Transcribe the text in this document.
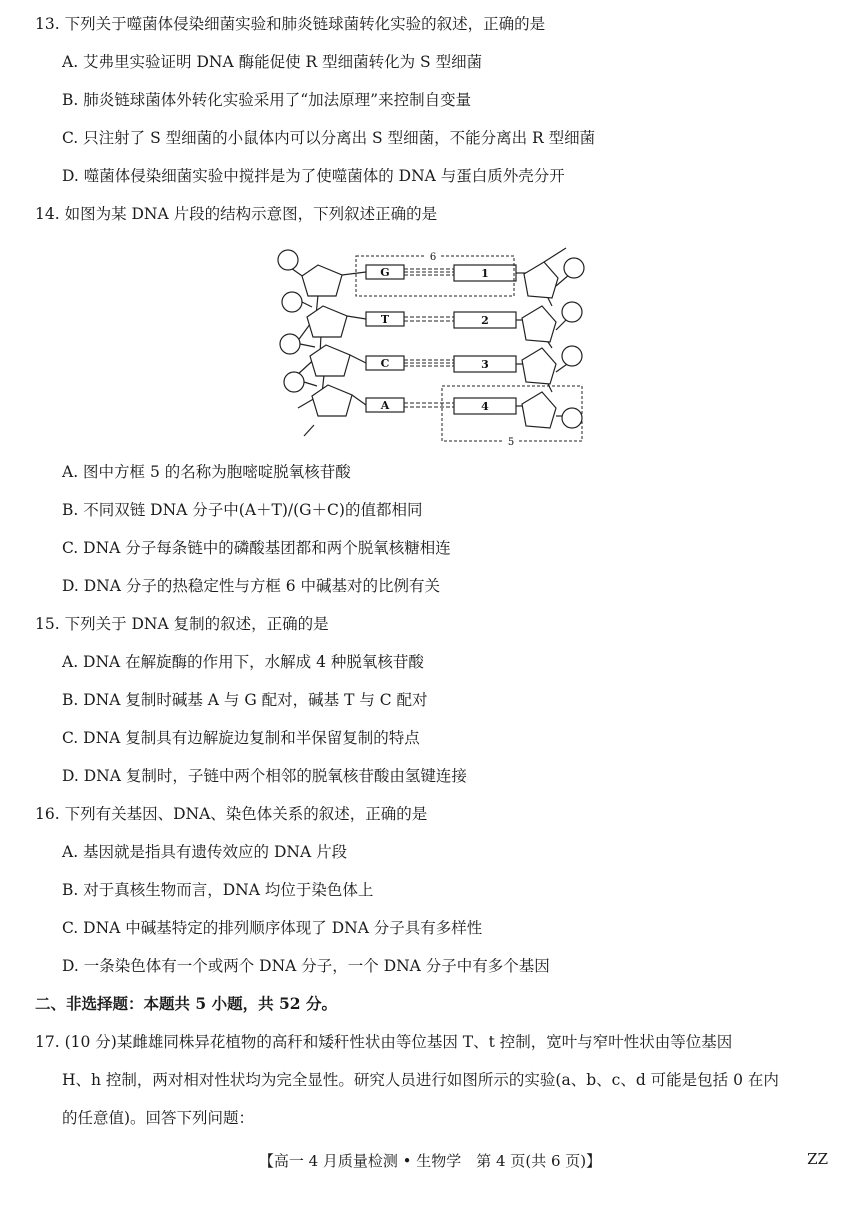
13. 下列关于噬菌体侵染细菌实验和肺炎链球菌转化实验的叙述，正确的是
A. 艾弗里实验证明 DNA 酶能促使 R 型细菌转化为 S 型细菌
B. 肺炎链球菌体外转化实验采用了“加法原理”来控制自变量
C. 只注射了 S 型细菌的小鼠体内可以分离出 S 型细菌，不能分离出 R 型细菌
D. 噬菌体侵染细菌实验中搅拌是为了使噬菌体的 DNA 与蛋白质外壳分开
14. 如图为某 DNA 片段的结构示意图，下列叙述正确的是
G
T
C
A
1
2
3
4
6
5
A. 图中方框 5 的名称为胞嘧啶脱氧核苷酸
B. 不同双链 DNA 分子中(A＋T)/(G＋C)的值都相同
C. DNA 分子每条链中的磷酸基团都和两个脱氧核糖相连
D. DNA 分子的热稳定性与方框 6 中碱基对的比例有关
15. 下列关于 DNA 复制的叙述，正确的是
A. DNA 在解旋酶的作用下，水解成 4 种脱氧核苷酸
B. DNA 复制时碱基 A 与 G 配对，碱基 T 与 C 配对
C. DNA 复制具有边解旋边复制和半保留复制的特点
D. DNA 复制时，子链中两个相邻的脱氧核苷酸由氢键连接
16. 下列有关基因、DNA、染色体关系的叙述，正确的是
A. 基因就是指具有遗传效应的 DNA 片段
B. 对于真核生物而言，DNA 均位于染色体上
C. DNA 中碱基特定的排列顺序体现了 DNA 分子具有多样性
D. 一条染色体有一个或两个 DNA 分子，一个 DNA 分子中有多个基因
二、非选择题：本题共 5 小题，共 52 分。
17. (10 分)某雌雄同株异花植物的高秆和矮秆性状由等位基因 T、t 控制，宽叶与窄叶性状由等位基因
H、h 控制，两对相对性状均为完全显性。研究人员进行如图所示的实验(a、b、c、d 可能是包括 0 在内
的任意值)。回答下列问题：
【高一 4 月质量检测 • 生物学　第 4 页(共 6 页)】	ZZ
